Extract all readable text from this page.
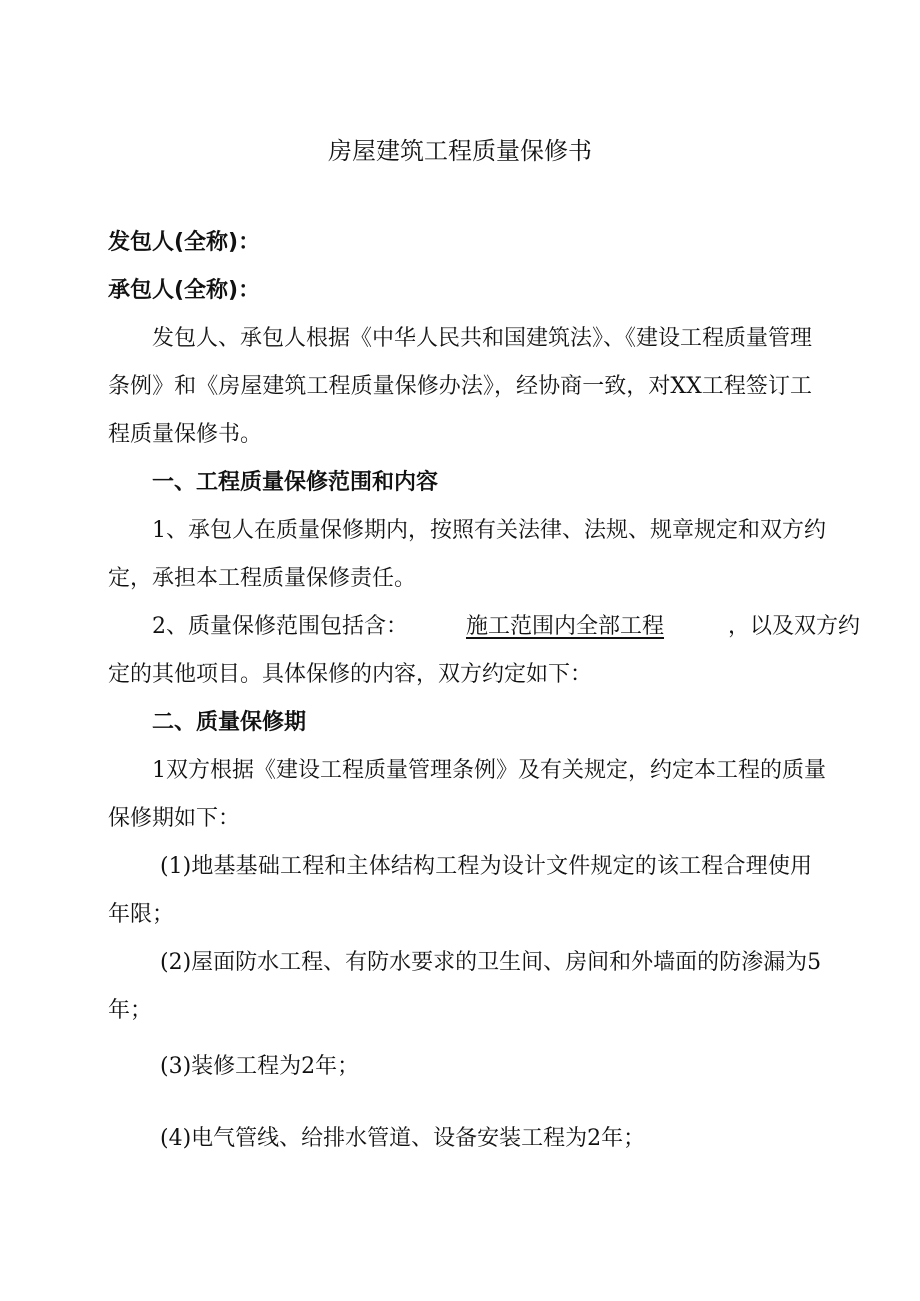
房屋建筑工程质量保修书
发包人(全称)：
承包人(全称)：
发包人、承包人根据《中华人民共和国建筑法》、《建设工程质量管理
条例》和《房屋建筑工程质量保修办法》，经协商一致，对XX工程签订工
程质量保修书。
一、工程质量保修范围和内容
1、承包人在质量保修期内，按照有关法律、法规、规章规定和双方约
定，承担本工程质量保修责任。
2、质量保修范围包括含：	施工范围内全部工程	，以及双方约
定的其他项目。具体保修的内容，双方约定如下：
二、质量保修期
1双方根据《建设工程质量管理条例》及有关规定，约定本工程的质量
保修期如下：
(1)地基基础工程和主体结构工程为设计文件规定的该工程合理使用
年限；
(2)屋面防水工程、有防水要求的卫生间、房间和外墙面的防渗漏为5
年；
(3)装修工程为2年；
(4)电气管线、给排水管道、设备安装工程为2年；
